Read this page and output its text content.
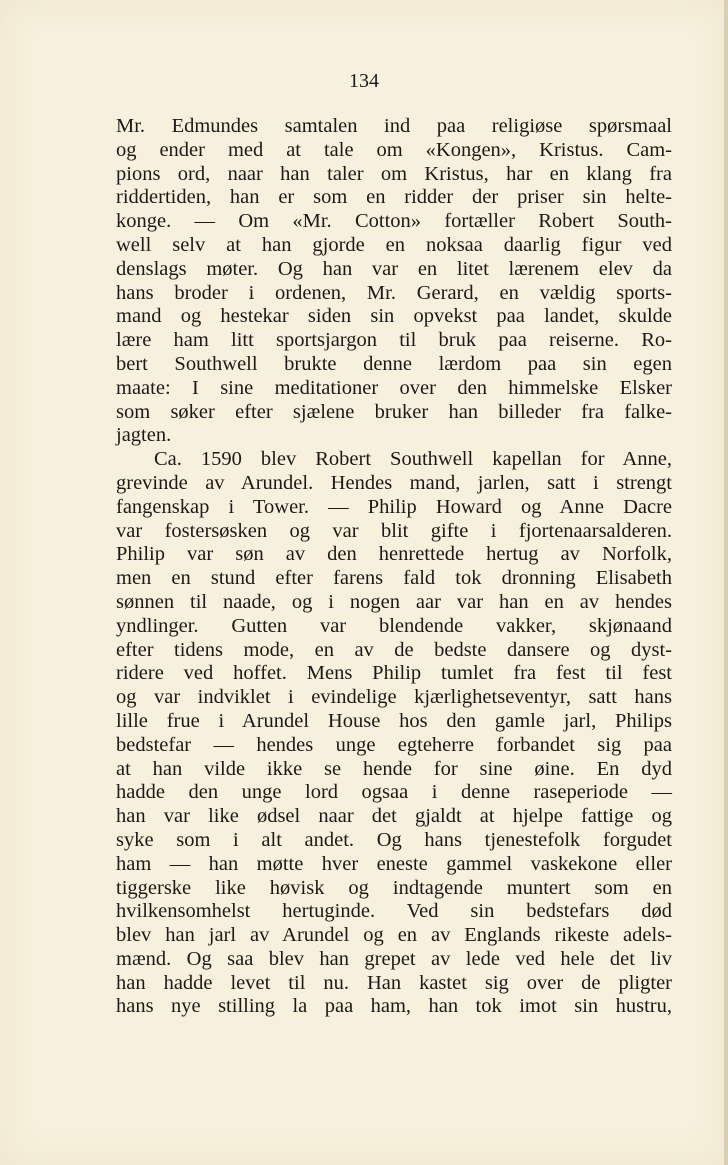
134
Mr. Edmundes samtalen ind paa religiøse spørsmaal
og ender med at tale om «Kongen», Kristus. Cam-
pions ord, naar han taler om Kristus, har en klang fra
riddertiden, han er som en ridder der priser sin helte-
konge. — Om «Mr. Cotton» fortæller Robert South-
well selv at han gjorde en noksaa daarlig figur ved
denslags møter. Og han var en litet lærenem elev da
hans broder i ordenen, Mr. Gerard, en vældig sports-
mand og hestekar siden sin opvekst paa landet, skulde
lære ham litt sportsjargon til bruk paa reiserne. Ro-
bert Southwell brukte denne lærdom paa sin egen
maate: I sine meditationer over den himmelske Elsker
som søker efter sjælene bruker han billeder fra falke-
jagten.
Ca. 1590 blev Robert Southwell kapellan for Anne,
grevinde av Arundel. Hendes mand, jarlen, satt i strengt
fangenskap i Tower. — Philip Howard og Anne Dacre
var fostersøsken og var blit gifte i fjortenaarsalderen.
Philip var søn av den henrettede hertug av Norfolk,
men en stund efter farens fald tok dronning Elisabeth
sønnen til naade, og i nogen aar var han en av hendes
yndlinger. Gutten var blendende vakker, skjønaand
efter tidens mode, en av de bedste dansere og dyst-
ridere ved hoffet. Mens Philip tumlet fra fest til fest
og var indviklet i evindelige kjærlighetseventyr, satt hans
lille frue i Arundel House hos den gamle jarl, Philips
bedstefar — hendes unge egteherre forbandet sig paa
at han vilde ikke se hende for sine øine. En dyd
hadde den unge lord ogsaa i denne raseperiode —
han var like ødsel naar det gjaldt at hjelpe fattige og
syke som i alt andet. Og hans tjenestefolk forgudet
ham — han møtte hver eneste gammel vaskekone eller
tiggerske like høvisk og indtagende muntert som en
hvilkensomhelst hertuginde. Ved sin bedstefars død
blev han jarl av Arundel og en av Englands rikeste adels-
mænd. Og saa blev han grepet av lede ved hele det liv
han hadde levet til nu. Han kastet sig over de pligter
hans nye stilling la paa ham, han tok imot sin hustru,
